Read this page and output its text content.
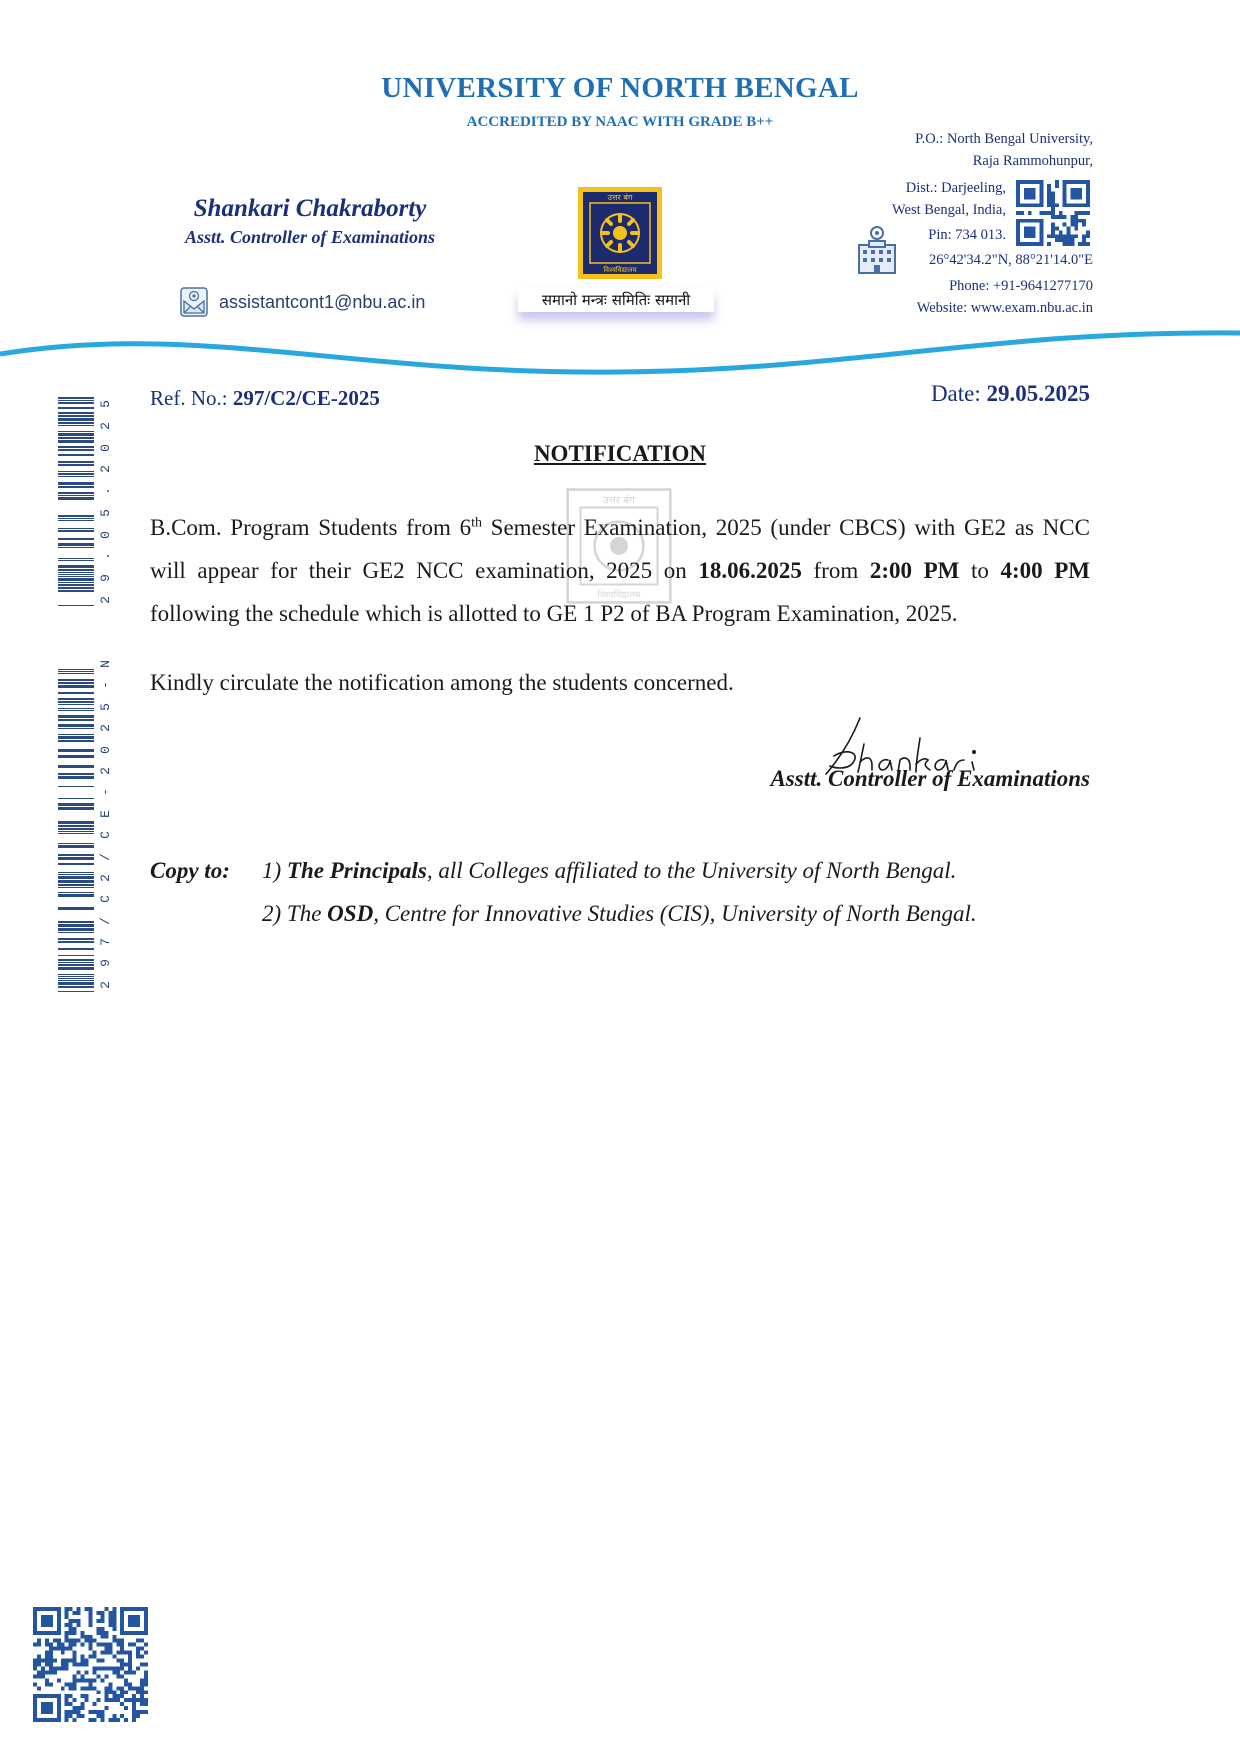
UNIVERSITY OF NORTH BENGAL
ACCREDITED BY NAAC WITH GRADE B++
Shankari Chakraborty
Asstt. Controller of Examinations
assistantcont1@nbu.ac.in
उत्तर बंग
विश्वविद्यालय
समानो मन्त्रः समितिः समानी
P.O.: North Bengal University,
Raja Rammohunpur,
Dist.: Darjeeling,
West Bengal, India,
Pin: 734 013.
26°42'34.2"N, 88°21'14.0"E
Phone: +91-9641277170
Website: www.exam.nbu.ac.in
5
2
0
2
.
5
0
.
9
2
N
-
5
2
0
2
-
E
C
/
2
C
/
7
9
2
Ref. No.: 297/C2/CE-2025	Date: 29.05.2025
NOTIFICATION
उत्तर बंग
विश्वविद्यालय
B.Com. Program Students from 6th Semester Examination, 2025 (under CBCS) with GE2 as NCC will appear for their GE2 NCC examination, 2025 on 18.06.2025 from 2:00 PM to 4:00 PM following the schedule which is allotted to GE 1 P2 of BA Program Examination, 2025.
Kindly circulate the notification among the students concerned.
Asstt. Controller of Examinations
Copy to: 1) The Principals, all Colleges affiliated to the University of North Bengal.
2) The OSD, Centre for Innovative Studies (CIS), University of North Bengal.
